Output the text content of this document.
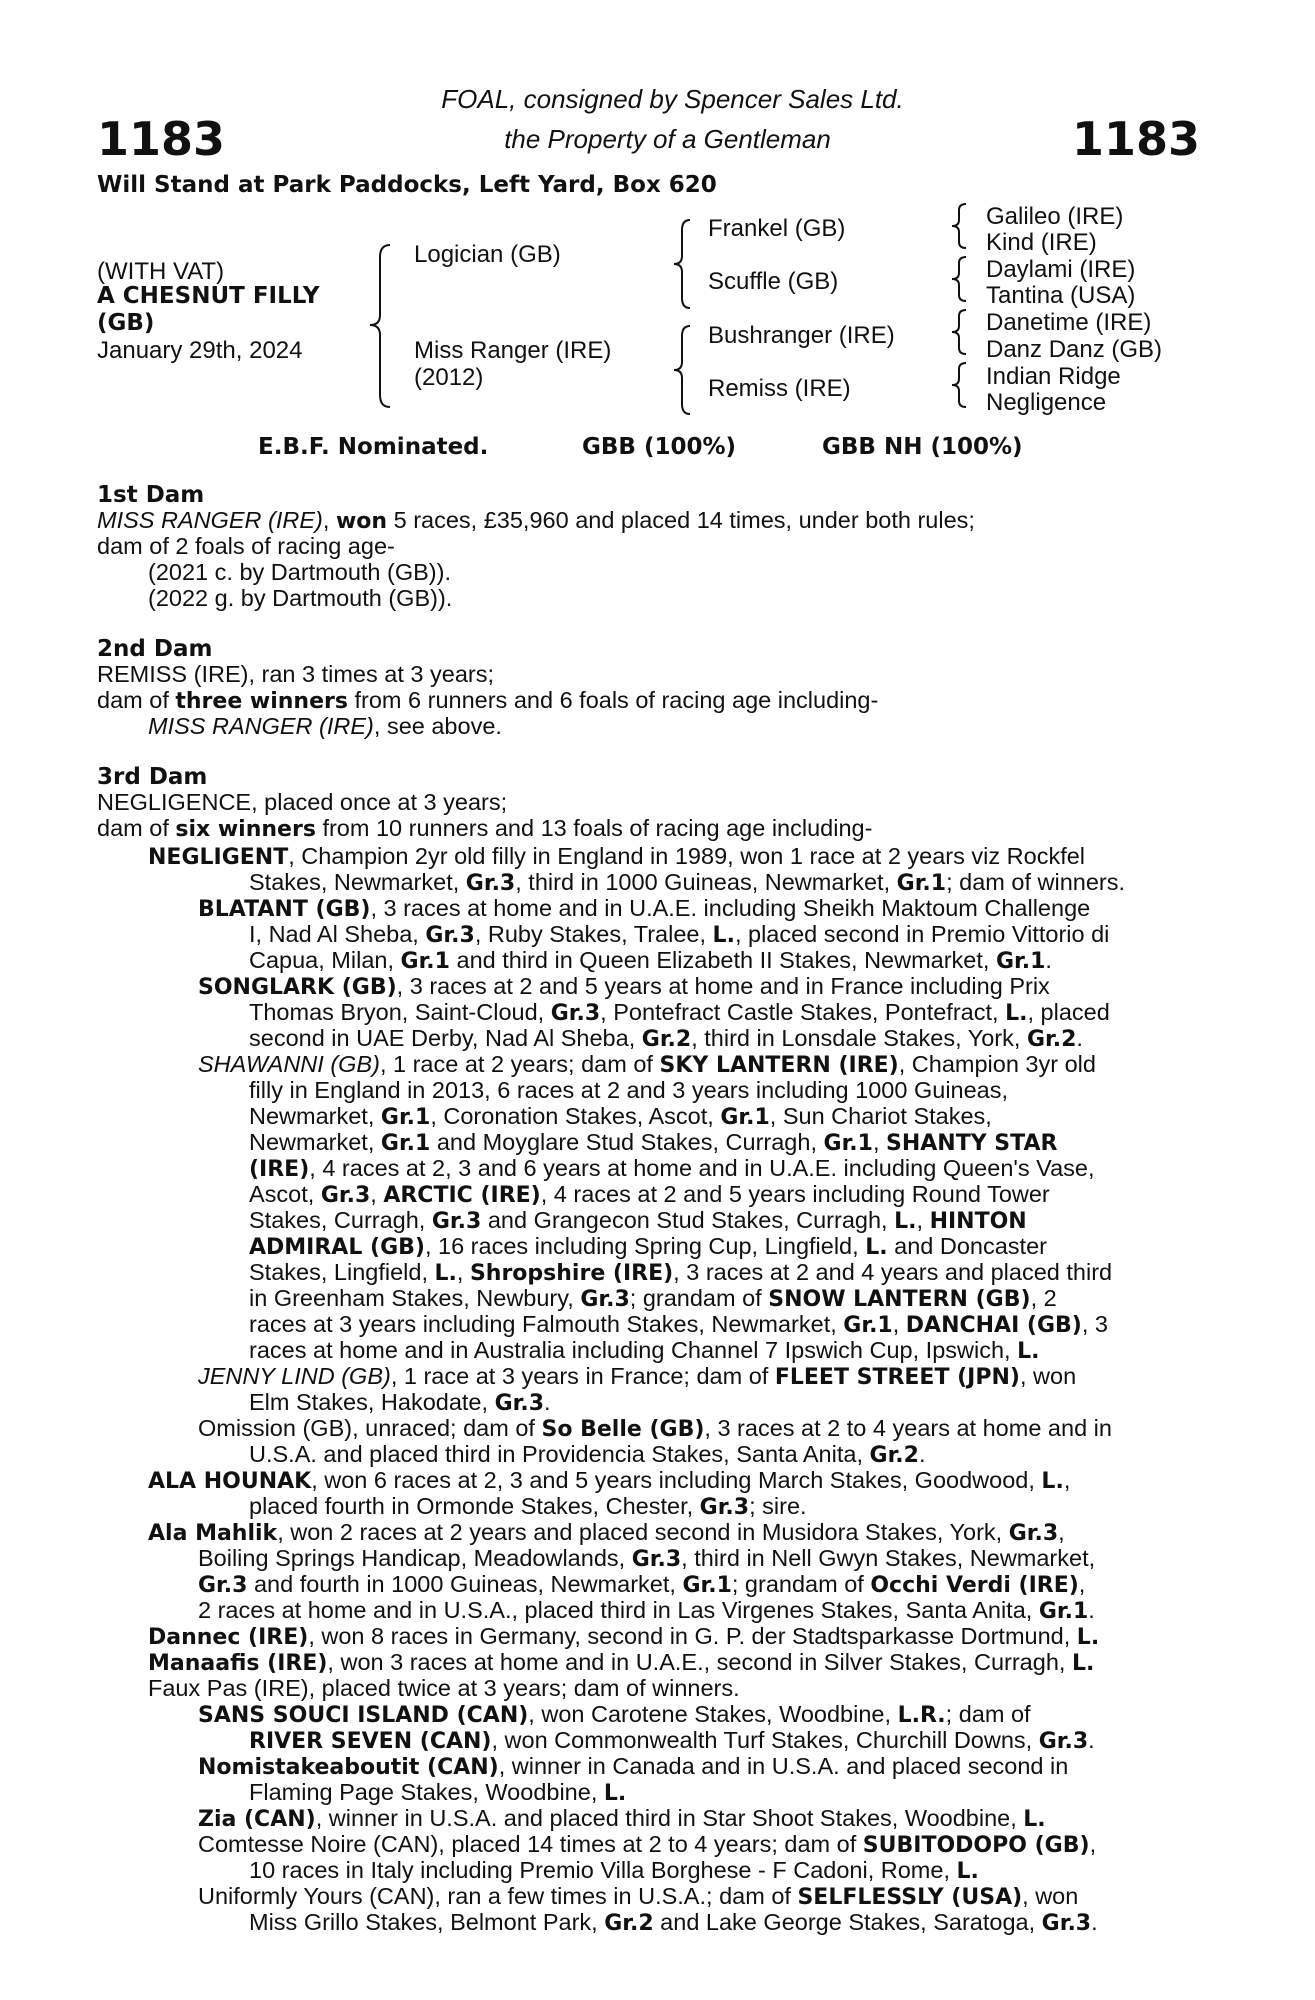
1183	1183
FOAL, consigned by Spencer Sales Ltd.
the Property of a Gentleman
Will Stand at Park Paddocks, Left Yard, Box 620
(WITH VAT)
A CHESNUT FILLY
(GB)
January 29th, 2024
Logician (GB)
Miss Ranger (IRE)
(2012)
Frankel (GB)
Scuffle (GB)
Bushranger (IRE)
Remiss (IRE)
Galileo (IRE)
Kind (IRE)
Daylami (IRE)
Tantina (USA)
Danetime (IRE)
Danz Danz (GB)
Indian Ridge
Negligence
E.B.F. Nominated.	GBB (100%)	GBB NH (100%)
1st Dam
MISS RANGER (IRE), won 5 races, £35,960 and placed 14 times, under both rules;
dam of 2 foals of racing age-
(2021 c. by Dartmouth (GB)).
(2022 g. by Dartmouth (GB)).
2nd Dam
REMISS (IRE), ran 3 times at 3 years;
dam of three winners from 6 runners and 6 foals of racing age including-
MISS RANGER (IRE), see above.
3rd Dam
NEGLIGENCE, placed once at 3 years;
dam of six winners from 10 runners and 13 foals of racing age including-
NEGLIGENT, Champion 2yr old filly in England in 1989, won 1 race at 2 years viz Rockfel
Stakes, Newmarket, Gr.3, third in 1000 Guineas, Newmarket, Gr.1; dam of winners.
BLATANT (GB), 3 races at home and in U.A.E. including Sheikh Maktoum Challenge
I, Nad Al Sheba, Gr.3, Ruby Stakes, Tralee, L., placed second in Premio Vittorio di
Capua, Milan, Gr.1 and third in Queen Elizabeth II Stakes, Newmarket, Gr.1.
SONGLARK (GB), 3 races at 2 and 5 years at home and in France including Prix
Thomas Bryon, Saint-Cloud, Gr.3, Pontefract Castle Stakes, Pontefract, L., placed
second in UAE Derby, Nad Al Sheba, Gr.2, third in Lonsdale Stakes, York, Gr.2.
SHAWANNI (GB), 1 race at 2 years; dam of SKY LANTERN (IRE), Champion 3yr old
filly in England in 2013, 6 races at 2 and 3 years including 1000 Guineas,
Newmarket, Gr.1, Coronation Stakes, Ascot, Gr.1, Sun Chariot Stakes,
Newmarket, Gr.1 and Moyglare Stud Stakes, Curragh, Gr.1, SHANTY STAR
(IRE), 4 races at 2, 3 and 6 years at home and in U.A.E. including Queen's Vase,
Ascot, Gr.3, ARCTIC (IRE), 4 races at 2 and 5 years including Round Tower
Stakes, Curragh, Gr.3 and Grangecon Stud Stakes, Curragh, L., HINTON
ADMIRAL (GB), 16 races including Spring Cup, Lingfield, L. and Doncaster
Stakes, Lingfield, L., Shropshire (IRE), 3 races at 2 and 4 years and placed third
in Greenham Stakes, Newbury, Gr.3; grandam of SNOW LANTERN (GB), 2
races at 3 years including Falmouth Stakes, Newmarket, Gr.1, DANCHAI (GB), 3
races at home and in Australia including Channel 7 Ipswich Cup, Ipswich, L.
JENNY LIND (GB), 1 race at 3 years in France; dam of FLEET STREET (JPN), won
Elm Stakes, Hakodate, Gr.3.
Omission (GB), unraced; dam of So Belle (GB), 3 races at 2 to 4 years at home and in
U.S.A. and placed third in Providencia Stakes, Santa Anita, Gr.2.
ALA HOUNAK, won 6 races at 2, 3 and 5 years including March Stakes, Goodwood, L.,
placed fourth in Ormonde Stakes, Chester, Gr.3; sire.
Ala Mahlik, won 2 races at 2 years and placed second in Musidora Stakes, York, Gr.3,
Boiling Springs Handicap, Meadowlands, Gr.3, third in Nell Gwyn Stakes, Newmarket,
Gr.3 and fourth in 1000 Guineas, Newmarket, Gr.1; grandam of Occhi Verdi (IRE),
2 races at home and in U.S.A., placed third in Las Virgenes Stakes, Santa Anita, Gr.1.
Dannec (IRE), won 8 races in Germany, second in G. P. der Stadtsparkasse Dortmund, L.
Manaafis (IRE), won 3 races at home and in U.A.E., second in Silver Stakes, Curragh, L.
Faux Pas (IRE), placed twice at 3 years; dam of winners.
SANS SOUCI ISLAND (CAN), won Carotene Stakes, Woodbine, L.R.; dam of
RIVER SEVEN (CAN), won Commonwealth Turf Stakes, Churchill Downs, Gr.3.
Nomistakeaboutit (CAN), winner in Canada and in U.S.A. and placed second in
Flaming Page Stakes, Woodbine, L.
Zia (CAN), winner in U.S.A. and placed third in Star Shoot Stakes, Woodbine, L.
Comtesse Noire (CAN), placed 14 times at 2 to 4 years; dam of SUBITODOPO (GB),
10 races in Italy including Premio Villa Borghese - F Cadoni, Rome, L.
Uniformly Yours (CAN), ran a few times in U.S.A.; dam of SELFLESSLY (USA), won
Miss Grillo Stakes, Belmont Park, Gr.2 and Lake George Stakes, Saratoga, Gr.3.
